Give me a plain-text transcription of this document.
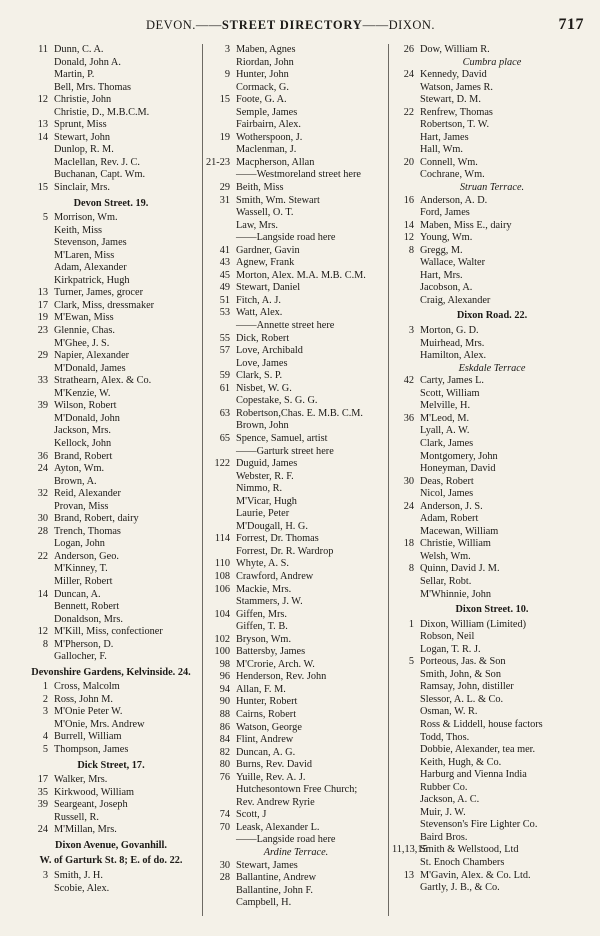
DEVON.——STREET DIRECTORY——DIXON.	717
11 Dunn, C. A.
Donald, John A.
Martin, P.
Bell, Mrs. Thomas
12 Christie, John
Christie, D., M.B.C.M.
13 Sprunt, Miss
14 Stewart, John
Dunlop, R. M.
Maclellan, Rev. J. C.
Buchanan, Capt. Wm.
15 Sinclair, Mrs.
Devon Street. 19.
5 Morrison, Wm.
Keith, Miss
Stevenson, James
M'Laren, Miss
Adam, Alexander
Kirkpatrick, Hugh
13 Turner, James, grocer
17 Clark, Miss, dressmaker
19 M'Ewan, Miss
23 Glennie, Chas.
M'Ghee, J. S.
29 Napier, Alexander
M'Donald, James
33 Strathearn, Alex. & Co.
M'Kenzie, W.
39 Wilson, Robert
M'Donald, John
Jackson, Mrs.
Kellock, John
36 Brand, Robert
24 Ayton, Wm.
Brown, A.
32 Reid, Alexander
Provan, Miss
30 Brand, Robert, dairy
28 Trench, Thomas
Logan, John
22 Anderson, Geo.
M'Kinney, T.
Miller, Robert
14 Duncan, A.
Bennett, Robert
Donaldson, Mrs.
12 M'Kill, Miss, confectioner
8 M'Pherson, D.
Gallocher, F.
Devonshire Gardens, Kelvinside. 24.
1 Cross, Malcolm
2 Ross, John M.
3 M'Onie Peter W.
M'Onie, Mrs. Andrew
4 Burrell, William
5 Thompson, James
Dick Street, 17.
17 Walker, Mrs.
35 Kirkwood, William
39 Seargeant, Joseph
Russell, R.
24 M'Millan, Mrs.
Dixon Avenue, Govanhill.
W. of Garturk St. 8; E. of do. 22.
3 Smith, J. H.
Scobie, Alex.
3 Maben, Agnes
Riordan, John
9 Hunter, John
Cormack, G.
15 Foote, G. A.
Semple, James
Fairbairn, Alex.
19 Wotherspoon, J.
Maclenman, J.
21-23 Macpherson, Allan
——Westmoreland street here
29 Beith, Miss
31 Smith, Wm. Stewart
Wassell, O. T.
Law, Mrs.
——Langside road here
41 Gardner, Gavin
43 Agnew, Frank
45 Morton, Alex. M.A. M.B. C.M.
49 Stewart, Daniel
51 Fitch, A. J.
53 Watt, Alex.
——Annette street here
55 Dick, Robert
57 Love, Archibald
Love, James
59 Clark, S. P.
61 Nisbet, W. G.
Copestake, S. G. G.
63 Robertson,Chas. E. M.B. C.M.
Brown, John
65 Spence, Samuel, artist
——Garturk street here
122 Duguid, James
Webster, R. F.
Nimmo, R.
M'Vicar, Hugh
Laurie, Peter
M'Dougall, H. G.
114 Forrest, Dr. Thomas
Forrest, Dr. R. Wardrop
110 Whyte, A. S.
108 Crawford, Andrew
106 Mackie, Mrs.
Stammers, J. W.
104 Giffen, Mrs.
Giffen, T. B.
102 Bryson, Wm.
100 Battersby, James
98 M'Crorie, Arch. W.
96 Henderson, Rev. John
94 Allan, F. M.
90 Hunter, Robert
88 Cairns, Robert
86 Watson, George
84 Flint, Andrew
82 Duncan, A. G.
80 Burns, Rev. David
76 Yuille, Rev. A. J.
Hutchesontown Free Church;
Rev. Andrew Ryrie
74 Scott, J
70 Leask, Alexander L.
——Langside road here
Ardine Terrace.
30 Stewart, James
28 Ballantine, Andrew
Ballantine, John F.
Campbell, H.
26 Dow, William R.
Cumbra place
24 Kennedy, David
Watson, James R.
Stewart, D. M.
22 Renfrew, Thomas
Robertson, T. W.
Hart, James
Hall, Wm.
20 Connell, Wm.
Cochrane, Wm.
Struan Terrace.
16 Anderson, A. D.
Ford, James
14 Maben, Miss E., dairy
12 Young, Wm.
8 Gregg, M.
Wallace, Walter
Hart, Mrs.
Jacobson, A.
Craig, Alexander
Dixon Road. 22.
3 Morton, G. D.
Muirhead, Mrs.
Hamilton, Alex.
Eskdale Terrace
42 Carty, James L.
Scott, William
Melville, H.
36 M'Leod, M.
Lyall, A. W.
Clark, James
Montgomery, John
Honeyman, David
30 Deas, Robert
Nicol, James
24 Anderson, J. S.
Adam, Robert
Macewan, William
18 Christie, William
Welsh, Wm.
8 Quinn, David J. M.
Sellar, Robt.
M'Whinnie, John
Dixon Street. 10.
1 Dixon, William (Limited)
Robson, Neil
Logan, T. R. J.
5 Porteous, Jas. & Son
Smith, John, & Son
Ramsay, John, distiller
Slessor, A. L. & Co.
Osman, W. R.
Ross & Liddell, house factors
Todd, Thos.
Dobbie, Alexander, tea mer.
Keith, Hugh, & Co.
Harburg and Vienna India
Rubber Co.
Jackson, A. C.
Muir, J. W.
Stevenson's Fire Lighter Co.
Baird Bros.
11,13,15
Smith & Wellstood, Ltd
St. Enoch Chambers
13 M'Gavin, Alex. & Co. Ltd.
Gartly, J. B., & Co.
